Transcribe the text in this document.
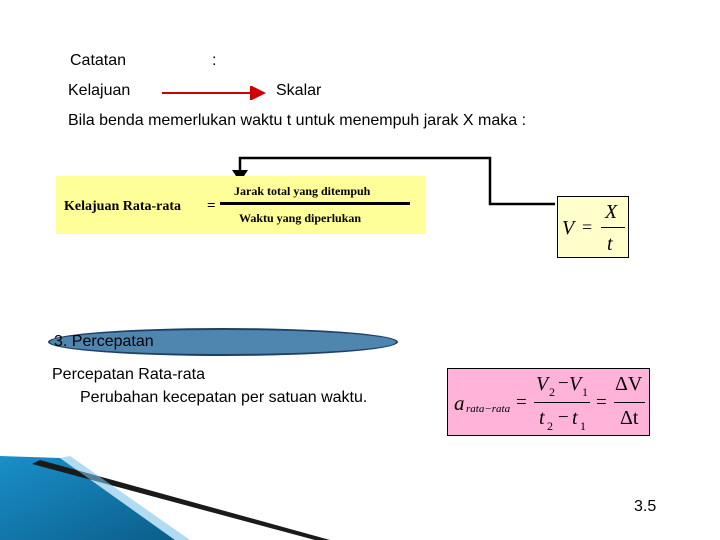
Catatan	:
Kelajuan	Skalar
Bila benda memerlukan waktu t untuk menempuh jarak X maka :
Kelajuan Rata-rata =
Jarak total yang ditempuh
Waktu yang diperlukan	V =
X
t
3. Percepatan
Percepatan Rata-rata
Perubahan kecepatan per satuan waktu.	a rata−rata =
V 2 − V 1
t 2 − t 1
=
ΔV
Δt
3.5
